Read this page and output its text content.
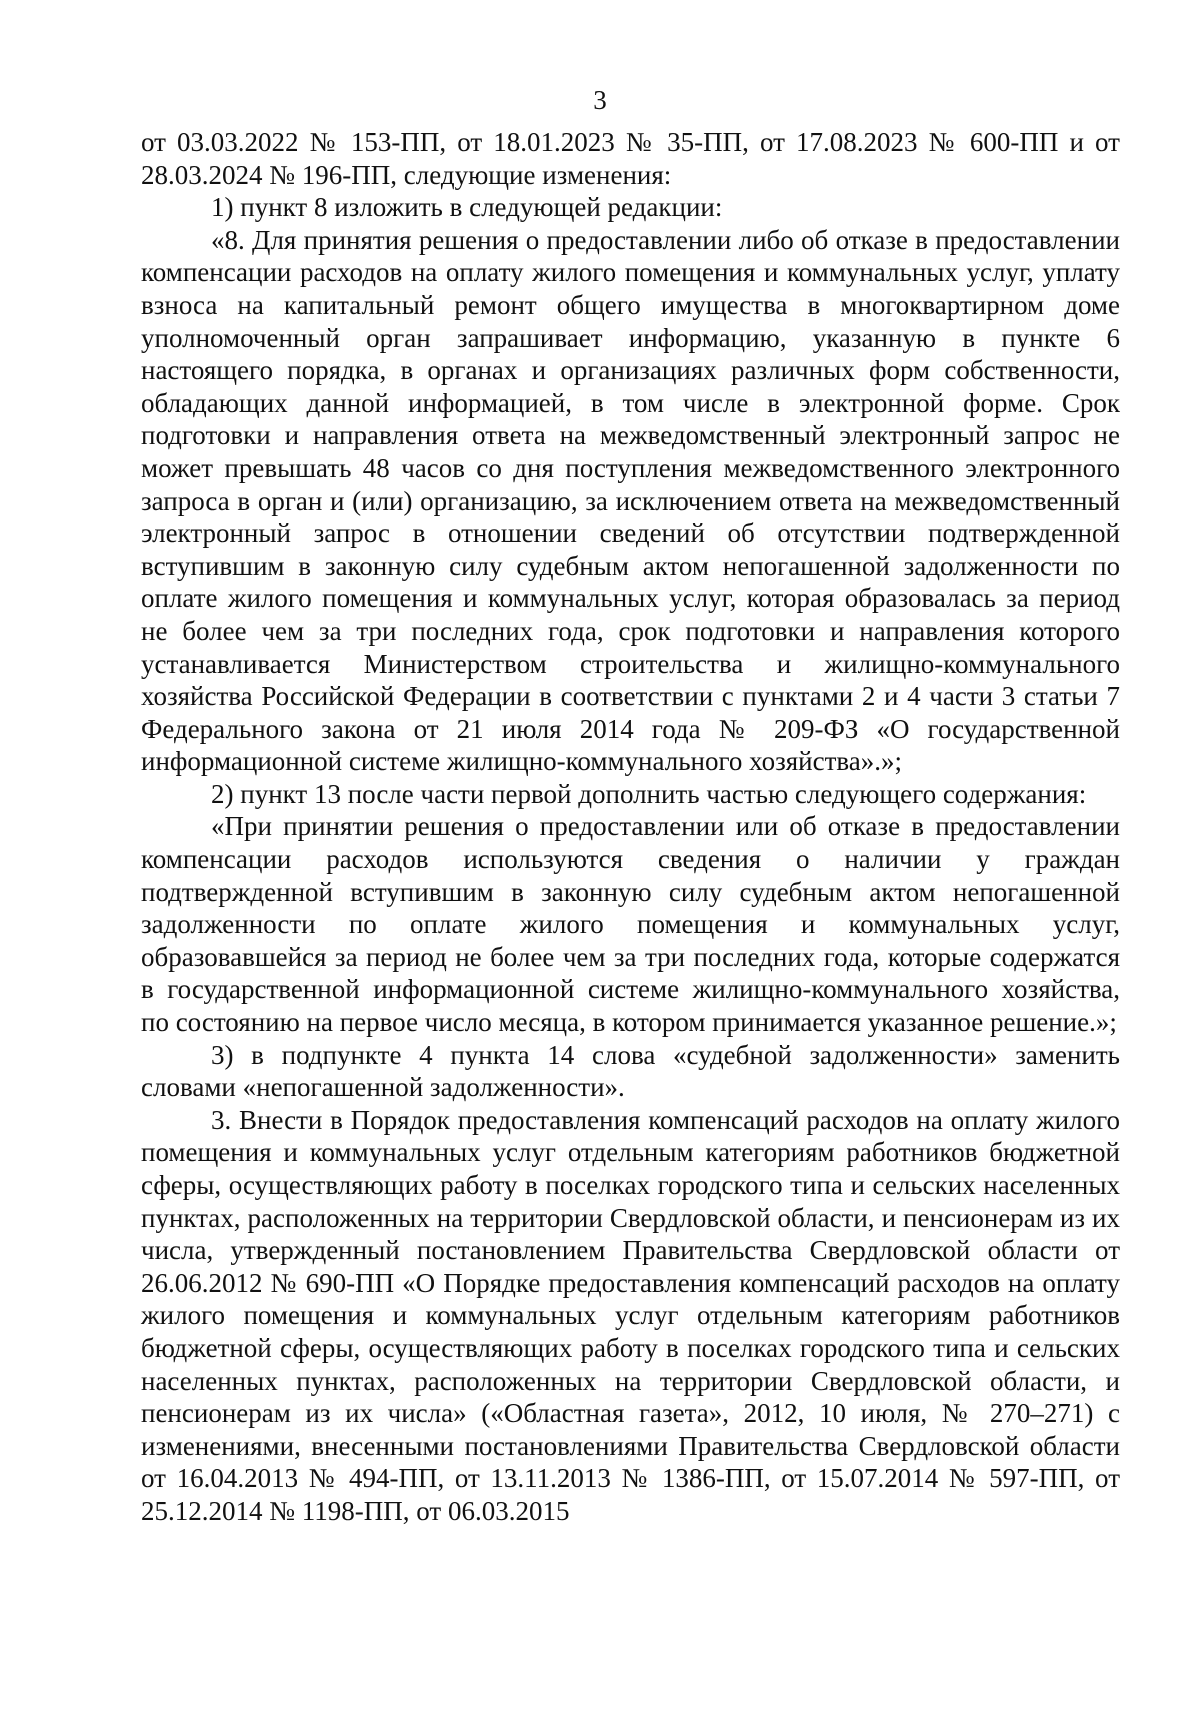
3

от 03.03.2022 № 153-ПП, от 18.01.2023 № 35-ПП, от 17.08.2023 № 600-ПП и от 28.03.2024 № 196-ПП, следующие изменения:

1) пункт 8 изложить в следующей редакции:

«8. Для принятия решения о предоставлении либо об отказе в предоставлении компенсации расходов на оплату жилого помещения и коммунальных услуг, уплату взноса на капитальный ремонт общего имущества в многоквартирном доме уполномоченный орган запрашивает информацию, указанную в пункте 6 настоящего порядка, в органах и организациях различных форм собственности, обладающих данной информацией, в том числе в электронной форме. Срок подготовки и направления ответа на межведомственный электронный запрос не может превышать 48 часов со дня поступления межведомственного электронного запроса в орган и (или) организацию, за исключением ответа на межведомственный электронный запрос в отношении сведений об отсутствии подтвержденной вступившим в законную силу судебным актом непогашенной задолженности по оплате жилого помещения и коммунальных услуг, которая образовалась за период не более чем за три последних года, срок подготовки и направления которого устанавливается Министерством строительства и жилищно-коммунального хозяйства Российской Федерации в соответствии с пунктами 2 и 4 части 3 статьи 7 Федерального закона от 21 июля 2014 года № 209-ФЗ «О государственной информационной системе жилищно-коммунального хозяйства».»;

2) пункт 13 после части первой дополнить частью следующего содержания:

«При принятии решения о предоставлении или об отказе в предоставлении компенсации расходов используются сведения о наличии у граждан подтвержденной вступившим в законную силу судебным актом непогашенной задолженности по оплате жилого помещения и коммунальных услуг, образовавшейся за период не более чем за три последних года, которые содержатся в государственной информационной системе жилищно-коммунального хозяйства, по состоянию на первое число месяца, в котором принимается указанное решение.»;

3) в подпункте 4 пункта 14 слова «судебной задолженности» заменить словами «непогашенной задолженности».

3. Внести в Порядок предоставления компенсаций расходов на оплату жилого помещения и коммунальных услуг отдельным категориям работников бюджетной сферы, осуществляющих работу в поселках городского типа и сельских населенных пунктах, расположенных на территории Свердловской области, и пенсионерам из их числа, утвержденный постановлением Правительства Свердловской области от 26.06.2012 № 690-ПП «О Порядке предоставления компенсаций расходов на оплату жилого помещения и коммунальных услуг отдельным категориям работников бюджетной сферы, осуществляющих работу в поселках городского типа и сельских населенных пунктах, расположенных на территории Свердловской области, и пенсионерам из их числа» («Областная газета», 2012, 10 июля, № 270–271) с изменениями, внесенными постановлениями Правительства Свердловской области от 16.04.2013 № 494-ПП, от 13.11.2013 № 1386-ПП, от 15.07.2014 № 597-ПП, от 25.12.2014 № 1198-ПП, от 06.03.2015
